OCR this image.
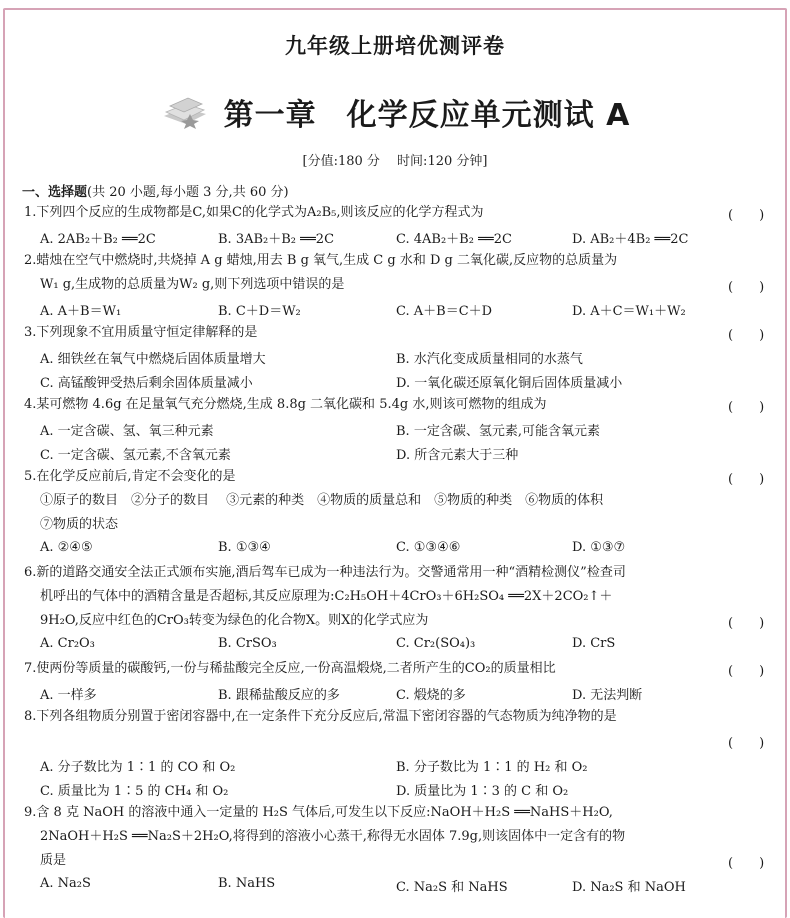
九年级上册培优测评卷
第一章 化学反应单元测试 A
[分值:180 分　 时间:120 分钟]
一、选择题(共 20 小题,每小题 3 分,共 60 分)
1.下列四个反应的生成物都是C,如果C的化学式为A₂B₅,则该反应的化学方程式为	(　　)
A. 2AB₂＋B₂ ══2C	B. 3AB₂＋B₂ ══2C	C. 4AB₂＋B₂ ══2C	D. AB₂＋4B₂ ══2C
2.蜡烛在空气中燃烧时,共烧掉 A g 蜡烛,用去 B g 氧气,生成 C g 水和 D g 二氧化碳,反应物的总质量为
W₁ g,生成物的总质量为W₂ g,则下列选项中错误的是	(　　)
A. A＋B＝W₁	B. C＋D＝W₂	C. A＋B＝C＋D	D. A＋C＝W₁＋W₂
3.下列现象不宜用质量守恒定律解释的是	(　　)
A. 细铁丝在氧气中燃烧后固体质量增大	B. 水汽化变成质量相同的水蒸气
C. 高锰酸钾受热后剩余固体质量减小	D. 一氧化碳还原氧化铜后固体质量减小
4.某可燃物 4.6g 在足量氧气充分燃烧,生成 8.8g 二氧化碳和 5.4g 水,则该可燃物的组成为	(　　)
A. 一定含碳、氢、氧三种元素	B. 一定含碳、氢元素,可能含氧元素
C. 一定含碳、氢元素,不含氧元素	D. 所含元素大于三种
5.在化学反应前后,肯定不会变化的是	(　　)
①原子的数目　②分子的数目　 ③元素的种类　④物质的质量总和　⑤物质的种类　⑥物质的体积
⑦物质的状态
A. ②④⑤	B. ①③④	C. ①③④⑥	D. ①③⑦
6.新的道路交通安全法正式颁布实施,酒后驾车已成为一种违法行为。交警通常用一种“酒精检测仪”检查司
机呼出的气体中的酒精含量是否超标,其反应原理为:C₂H₅OH＋4CrO₃＋6H₂SO₄ ══2X＋2CO₂↑＋
9H₂O,反应中红色的CrO₃转变为绿色的化合物X。则X的化学式应为	(　　)
A. Cr₂O₃	B. CrSO₃	C. Cr₂(SO₄)₃	D. CrS
7.使两份等质量的碳酸钙,一份与稀盐酸完全反应,一份高温煅烧,二者所产生的CO₂的质量相比	(　　)
A. 一样多	B. 跟稀盐酸反应的多	C. 煅烧的多	D. 无法判断
8.下列各组物质分别置于密闭容器中,在一定条件下充分反应后,常温下密闭容器的气态物质为纯净物的是
(　　)
A. 分子数比为 1∶1 的 CO 和 O₂	B. 分子数比为 1∶1 的 H₂ 和 O₂
C. 质量比为 1∶5 的 CH₄ 和 O₂	D. 质量比为 1∶3 的 C 和 O₂
9.含 8 克 NaOH 的溶液中通入一定量的 H₂S 气体后,可发生以下反应:NaOH＋H₂S ══NaHS＋H₂O,
2NaOH＋H₂S ══Na₂S＋2H₂O,将得到的溶液小心蒸干,称得无水固体 7.9g,则该固体中一定含有的物
质是	(　　)
A. Na₂S	B. NaHS	C. Na₂S 和 NaHS	D. Na₂S 和 NaOH
